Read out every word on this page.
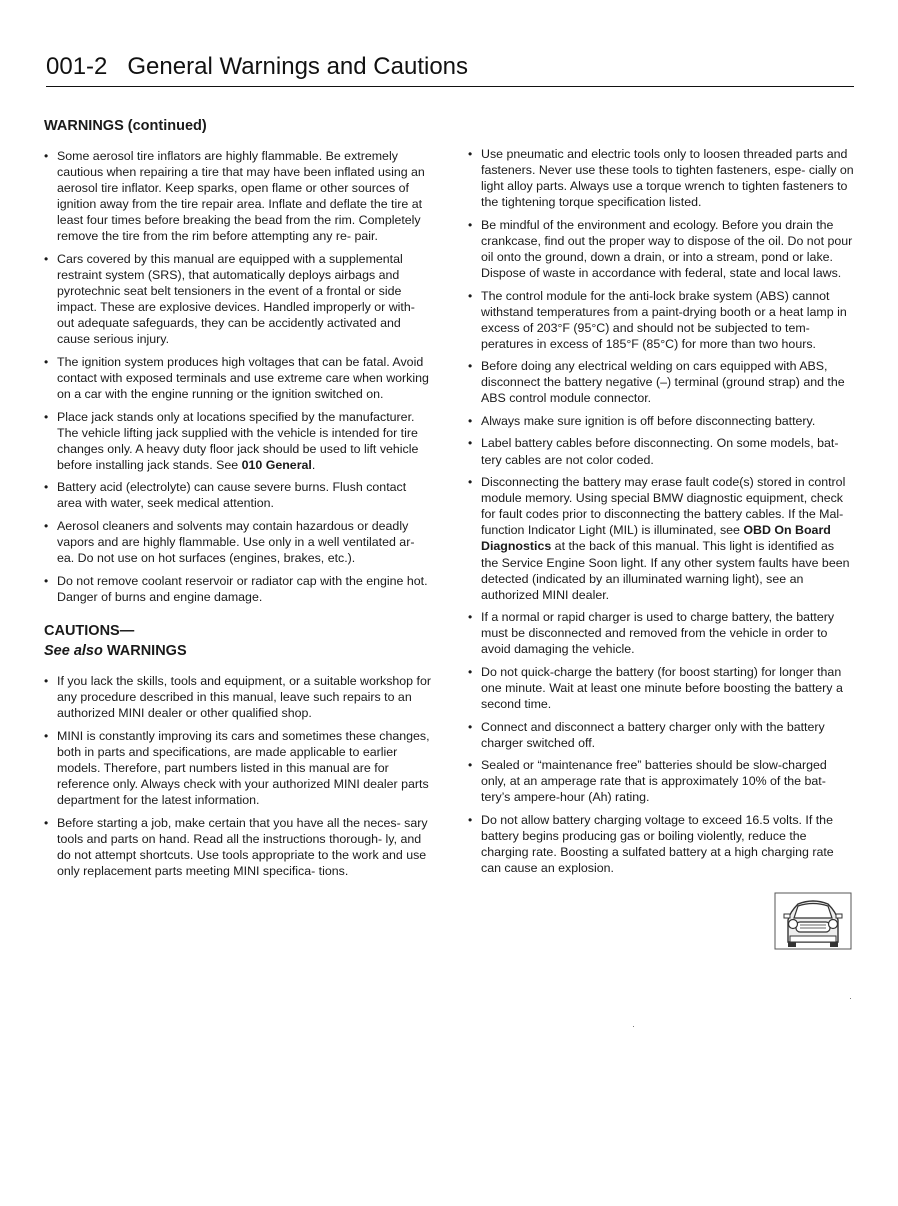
001-2 General Warnings and Cautions
WARNINGS (continued)
• Some aerosol tire inflators are highly flammable. Be extremely cautious when repairing a tire that may have been inflated using an aerosol tire inflator. Keep sparks, open flame or other sources of ignition away from the tire repair area. Inflate and deflate the tire at least four times before breaking the bead from the rim. Completely remove the tire from the rim before attempting any re- pair.
• Cars covered by this manual are equipped with a supplemental restraint system (SRS), that automatically deploys airbags and pyrotechnic seat belt tensioners in the event of a frontal or side impact. These are explosive devices. Handled improperly or with- out adequate safeguards, they can be accidently activated and cause serious injury.
• The ignition system produces high voltages that can be fatal. Avoid contact with exposed terminals and use extreme care when working on a car with the engine running or the ignition switched on.
• Place jack stands only at locations specified by the manufacturer. The vehicle lifting jack supplied with the vehicle is intended for tire changes only. A heavy duty floor jack should be used to lift vehicle before installing jack stands. See 010 General.
• Battery acid (electrolyte) can cause severe burns. Flush contact area with water, seek medical attention.
• Aerosol cleaners and solvents may contain hazardous or deadly vapors and are highly flammable. Use only in a well ventilated ar- ea. Do not use on hot surfaces (engines, brakes, etc.).
• Do not remove coolant reservoir or radiator cap with the engine hot. Danger of burns and engine damage.
CAUTIONS—
See also WARNINGS
• If you lack the skills, tools and equipment, or a suitable workshop for any procedure described in this manual, leave such repairs to an authorized MINI dealer or other qualified shop.
• MINI is constantly improving its cars and sometimes these changes, both in parts and specifications, are made applicable to earlier models. Therefore, part numbers listed in this manual are for reference only. Always check with your authorized MINI dealer parts department for the latest information.
• Before starting a job, make certain that you have all the neces- sary tools and parts on hand. Read all the instructions thorough- ly, and do not attempt shortcuts. Use tools appropriate to the work and use only replacement parts meeting MINI specifica- tions.
• Use pneumatic and electric tools only to loosen threaded parts and fasteners. Never use these tools to tighten fasteners, espe- cially on light alloy parts. Always use a torque wrench to tighten fasteners to the tightening torque specification listed.
• Be mindful of the environment and ecology. Before you drain the crankcase, find out the proper way to dispose of the oil. Do not pour oil onto the ground, down a drain, or into a stream, pond or lake. Dispose of waste in accordance with federal, state and local laws.
• The control module for the anti-lock brake system (ABS) cannot withstand temperatures from a paint-drying booth or a heat lamp in excess of 203°F (95°C) and should not be subjected to tem- peratures in excess of 185°F (85°C) for more than two hours.
• Before doing any electrical welding on cars equipped with ABS, disconnect the battery negative (–) terminal (ground strap) and the ABS control module connector.
• Always make sure ignition is off before disconnecting battery.
• Label battery cables before disconnecting. On some models, bat- tery cables are not color coded.
• Disconnecting the battery may erase fault code(s) stored in control module memory. Using special BMW diagnostic equipment, check for fault codes prior to disconnecting the battery cables. If the Mal- function Indicator Light (MIL) is illuminated, see OBD On Board Diagnostics at the back of this manual. This light is identified as the Service Engine Soon light. If any other system faults have been detected (indicated by an illuminated warning light), see an authorized MINI dealer.
• If a normal or rapid charger is used to charge battery, the battery must be disconnected and removed from the vehicle in order to avoid damaging the vehicle.
• Do not quick-charge the battery (for boost starting) for longer than one minute. Wait at least one minute before boosting the battery a second time.
• Connect and disconnect a battery charger only with the battery charger switched off.
• Sealed or “maintenance free” batteries should be slow-charged only, at an amperage rate that is approximately 10% of the bat- tery’s ampere-hour (Ah) rating.
• Do not allow battery charging voltage to exceed 16.5 volts. If the battery begins producing gas or boiling violently, reduce the charging rate. Boosting a sulfated battery at a high charging rate can cause an explosion.
